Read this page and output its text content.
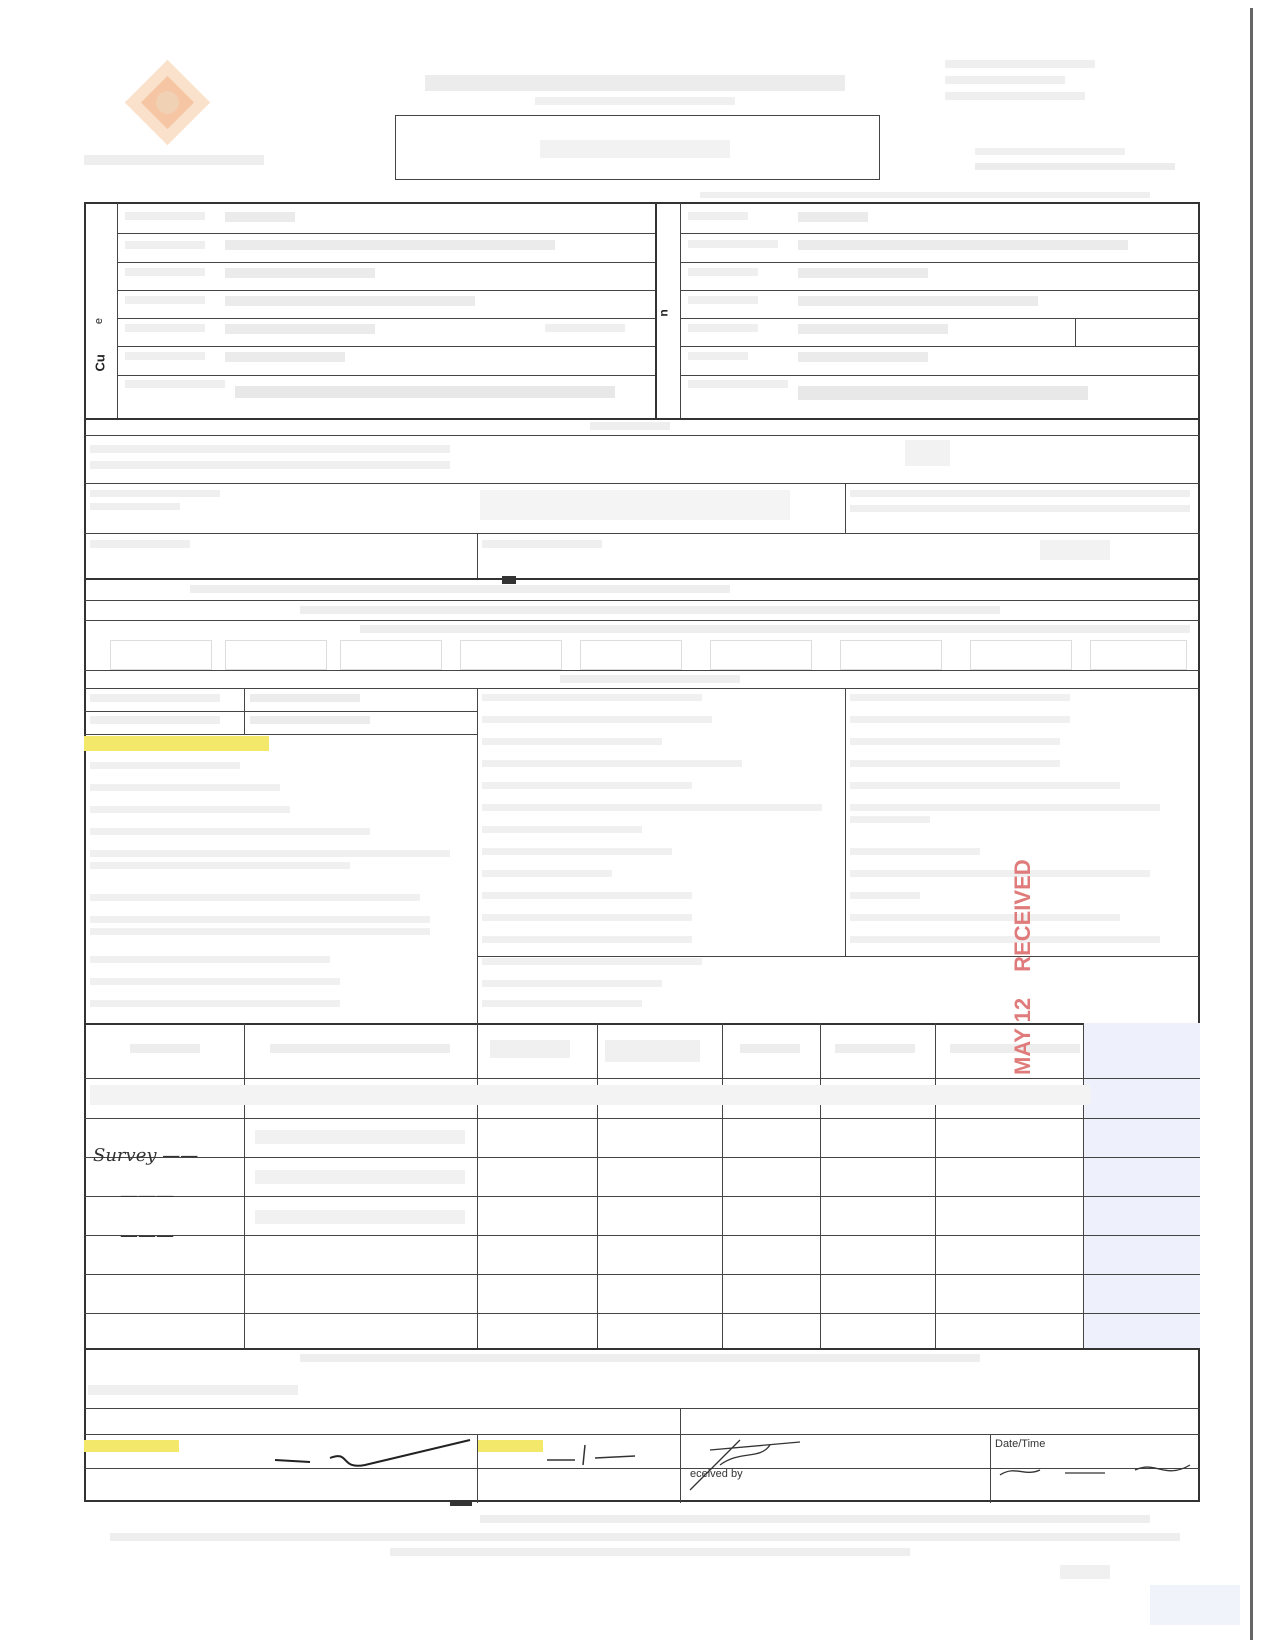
Cu
e
n
Survey ——
———
———
MAY 12 RECEIVED
eceived by
Date/Time
